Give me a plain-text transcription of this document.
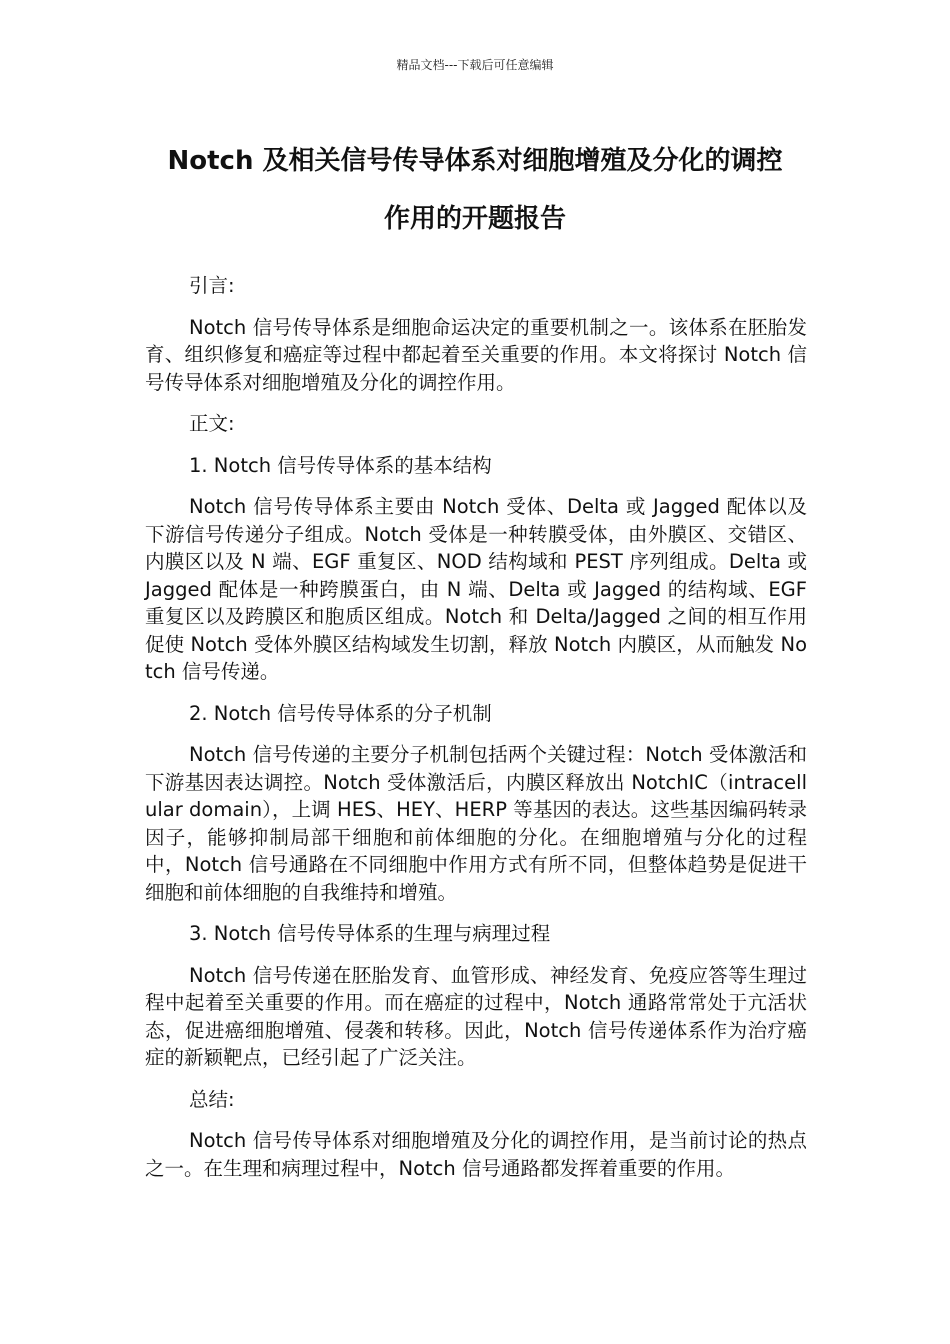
精品文档---下载后可任意编辑
Notch 及相关信号传导体系对细胞增殖及分化的调控
作用的开题报告

引言:

Notch 信号传导体系是细胞命运决定的重要机制之一。该体系在胚胎发育、组织修复和癌症等过程中都起着至关重要的作用。本文将探讨 Notch 信号传导体系对细胞增殖及分化的调控作用。

正文:

1. Notch 信号传导体系的基本结构

Notch 信号传导体系主要由 Notch 受体、Delta 或 Jagged 配体以及下游信号传递分子组成。Notch 受体是一种转膜受体，由外膜区、交错区、内膜区以及 N 端、EGF 重复区、NOD 结构域和 PEST 序列组成。Delta 或 Jagged 配体是一种跨膜蛋白，由 N 端、Delta 或 Jagged 的结构域、EGF 重复区以及跨膜区和胞质区组成。Notch 和 Delta/Jagged 之间的相互作用促使 Notch 受体外膜区结构域发生切割，释放 Notch 内膜区，从而触发 Notch 信号传递。

2. Notch 信号传导体系的分子机制

Notch 信号传递的主要分子机制包括两个关键过程：Notch 受体激活和下游基因表达调控。Notch 受体激活后，内膜区释放出 NotchIC（intracellular domain），上调 HES、HEY、HERP 等基因的表达。这些基因编码转录因子，能够抑制局部干细胞和前体细胞的分化。在细胞增殖与分化的过程中，Notch 信号通路在不同细胞中作用方式有所不同，但整体趋势是促进干细胞和前体细胞的自我维持和增殖。

3. Notch 信号传导体系的生理与病理过程

Notch 信号传递在胚胎发育、血管形成、神经发育、免疫应答等生理过程中起着至关重要的作用。而在癌症的过程中，Notch 通路常常处于亢活状态，促进癌细胞增殖、侵袭和转移。因此，Notch 信号传递体系作为治疗癌症的新颖靶点，已经引起了广泛关注。

总结:

Notch 信号传导体系对细胞增殖及分化的调控作用，是当前讨论的热点之一。在生理和病理过程中，Notch 信号通路都发挥着重要的作用。
